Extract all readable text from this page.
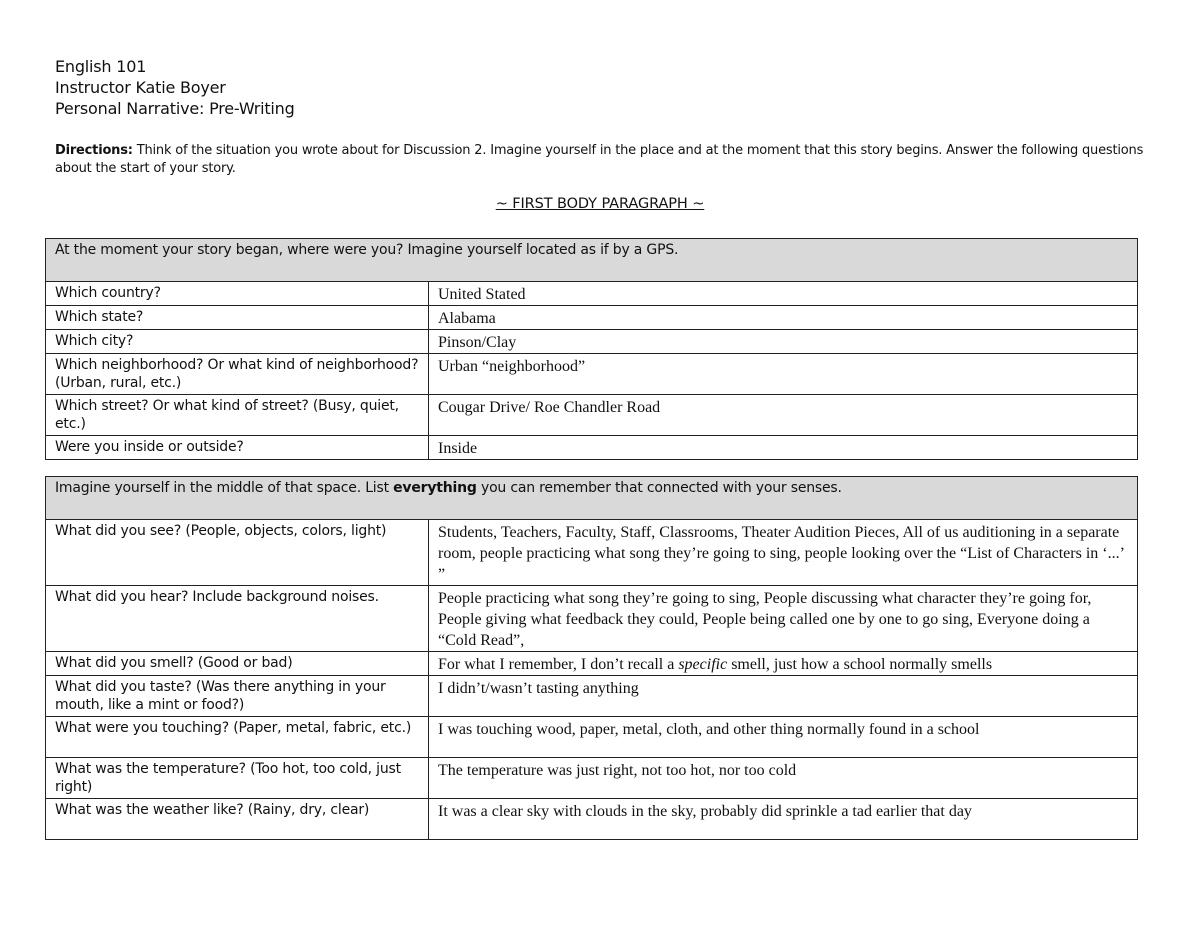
English 101
Instructor Katie Boyer
Personal Narrative: Pre-Writing
Directions: Think of the situation you wrote about for Discussion 2. Imagine yourself in the place and at the moment that this story begins. Answer the following questions about the start of your story.
~ FIRST BODY PARAGRAPH ~
At the moment your story began, where were you? Imagine yourself located as if by a GPS.	
Which country?	United Stated
Which state?	Alabama
Which city?	Pinson/Clay
Which neighborhood? Or what kind of neighborhood? (Urban, rural, etc.)	Urban “neighborhood”
Which street? Or what kind of street? (Busy, quiet, etc.)	Cougar Drive/ Roe Chandler Road
Were you inside or outside?	Inside
Imagine yourself in the middle of that space. List everything you can remember that connected with your senses.	
What did you see? (People, objects, colors, light)	Students, Teachers, Faculty, Staff, Classrooms, Theater Audition Pieces, All of us auditioning in a separate room, people practicing what song they’re going to sing, people looking over the “List of Characters in ‘...’ ”
What did you hear? Include background noises.	People practicing what song they’re going to sing, People discussing what character they’re going for, People giving what feedback they could, People being called one by one to go sing, Everyone doing a “Cold Read”,
What did you smell? (Good or bad)	For what I remember, I don’t recall a specific smell, just how a school normally smells
What did you taste? (Was there anything in your mouth, like a mint or food?)	I didn’t/wasn’t tasting anything
What were you touching? (Paper, metal, fabric, etc.)	I was touching wood, paper, metal, cloth, and other thing normally found in a school
What was the temperature? (Too hot, too cold, just right)	The temperature was just right, not too hot, nor too cold
What was the weather like? (Rainy, dry, clear)	It was a clear sky with clouds in the sky, probably did sprinkle a tad earlier that day
